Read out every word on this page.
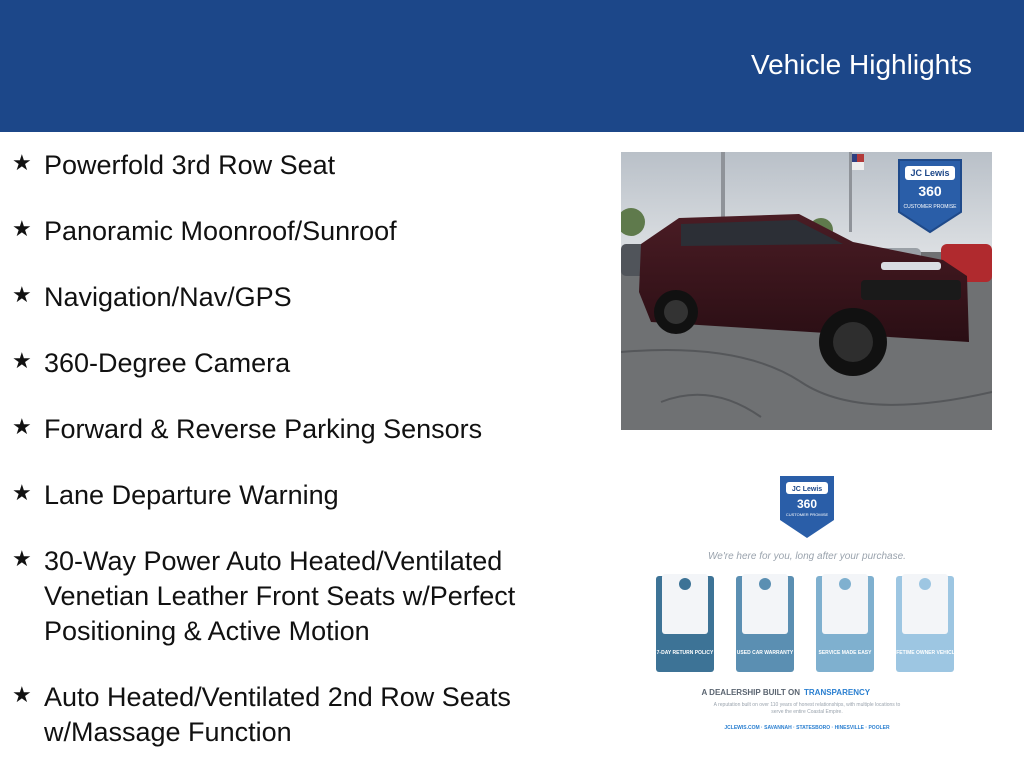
Vehicle Highlights
★ Powerfold 3rd Row Seat
★ Panoramic Moonroof/Sunroof
★ Navigation/Nav/GPS
★ 360-Degree Camera
★ Forward & Reverse Parking Sensors
★ Lane Departure Warning
★ 30-Way Power Auto Heated/Ventilated Venetian Leather Front Seats w/Perfect Positioning & Active Motion
★ Auto Heated/Ventilated 2nd Row Seats w/Massage Function
JC Lewis
360
CUSTOMER PROMISE
JC Lewis
360
CUSTOMER PROMISE
We're here for you, long after your purchase.
7-DAY RETURN POLICY	USED CAR WARRANTY	SERVICE MADE EASY	LIFETIME OWNER VEHICLE
A DEALERSHIP BUILT ON TRANSPARENCY
A reputation built on over 110 years of honest relationships, with multiple locations to
serve the entire Coastal Empire.
JCLEWIS.COM · SAVANNAH · STATESBORO · HINESVILLE · POOLER
